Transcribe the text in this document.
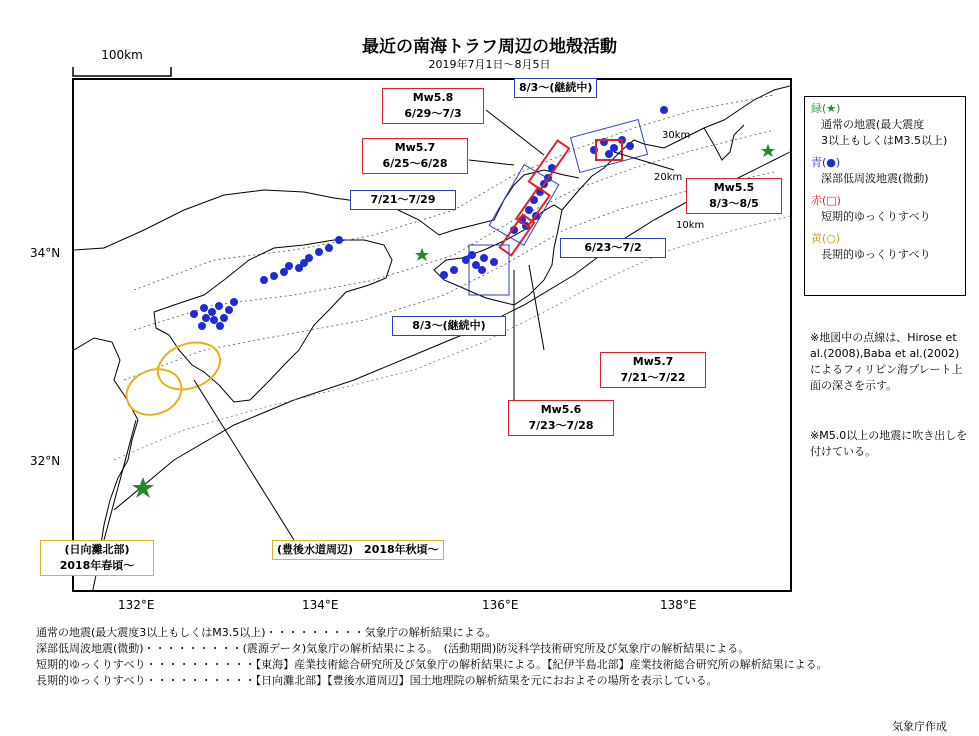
最近の南海トラフ周辺の地殻活動
2019年7月1日～8月5日
100km
34°N
32°N
132°E	134°E	136°E	138°E
30km
20km
10km
8/3～(継続中)
Mw5.8
6/29～7/3
Mw5.7
6/25～6/28
7/21～7/29
Mw5.5
8/3～8/5
6/23～7/2
8/3～(継続中)
Mw5.7
7/21～7/22
Mw5.6
7/23～7/28
(日向灘北部)
2018年春頃～
(豊後水道周辺)　2018年秋頃～
緑(★)
通常の地震(最大震度
3以上もしくはM3.5以上)
青(●)
深部低周波地震(微動)
赤(□)
短期的ゆっくりすべり
黄(○)
長期的ゆっくりすべり
※地図中の点線は、Hirose et al.(2008),Baba et al.(2002)によるフィリピン海プレート上面の深さを示す。
※M5.0以上の地震に吹き出しを付けている。
通常の地震(最大震度3以上もしくはM3.5以上)・・・・・・・・・気象庁の解析結果による。
深部低周波地震(微動)・・・・・・・・・(震源データ)気象庁の解析結果による。　(活動期間)防災科学技術研究所及び気象庁の解析結果による。
短期的ゆっくりすべり・・・・・・・・・・【東海】産業技術総合研究所及び気象庁の解析結果による。【紀伊半島北部】産業技術総合研究所の解析結果による。
長期的ゆっくりすべり・・・・・・・・・・【日向灘北部】【豊後水道周辺】国土地理院の解析結果を元におおよその場所を表示している。
気象庁作成
